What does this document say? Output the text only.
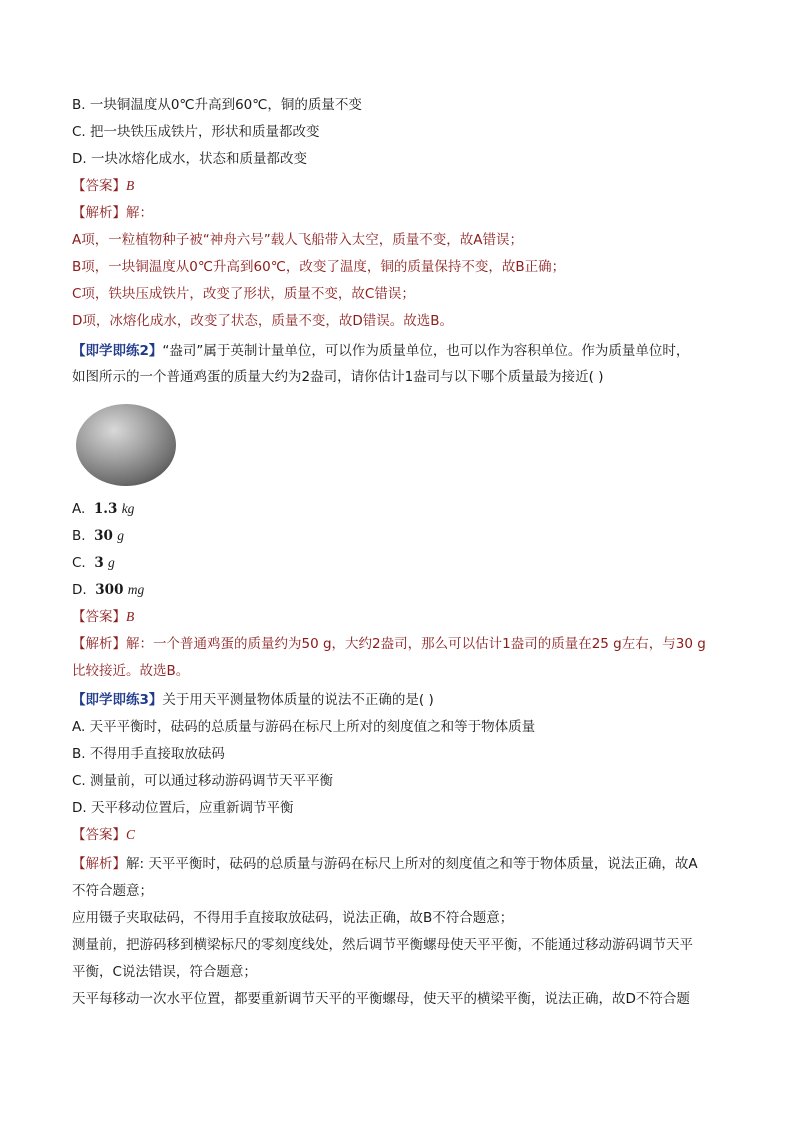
B. 一块铜温度从0℃升高到60℃，铜的质量不变
C. 把一块铁压成铁片，形状和质量都改变
D. 一块冰熔化成水，状态和质量都改变
【答案】B
【解析】解：
A项，一粒植物种子被“神舟六号”载人飞船带入太空，质量不变，故A错误；
B项，一块铜温度从0℃升高到60℃，改变了温度，铜的质量保持不变，故B正确；
C项，铁块压成铁片，改变了形状，质量不变，故C错误；
D项，冰熔化成水，改变了状态，质量不变，故D错误。故选B。
【即学即练2】“盎司”属于英制计量单位，可以作为质量单位，也可以作为容积单位。作为质量单位时，
如图所示的一个普通鸡蛋的质量大约为2盎司，请你估计1盎司与以下哪个质量最为接近( )
A. 1.3 kg
B. 30 g
C. 3 g
D. 300 mg
【答案】B
【解析】解：一个普通鸡蛋的质量约为50 g，大约2盎司，那么可以估计1盎司的质量在25 g左右，与30 g
比较接近。故选B。
【即学即练3】关于用天平测量物体质量的说法不正确的是( )
A. 天平平衡时，砝码的总质量与游码在标尺上所对的刻度值之和等于物体质量
B. 不得用手直接取放砝码
C. 测量前，可以通过移动游码调节天平平衡
D. 天平移动位置后，应重新调节平衡
【答案】C
【解析】解: 天平平衡时，砝码的总质量与游码在标尺上所对的刻度值之和等于物体质量，说法正确，故A
不符合题意；
应用镊子夹取砝码，不得用手直接取放砝码，说法正确，故B不符合题意；
测量前，把游码移到横梁标尺的零刻度线处，然后调节平衡螺母使天平平衡，不能通过移动游码调节天平
平衡，C说法错误，符合题意；
天平每移动一次水平位置，都要重新调节天平的平衡螺母，使天平的横梁平衡，说法正确，故D不符合题
